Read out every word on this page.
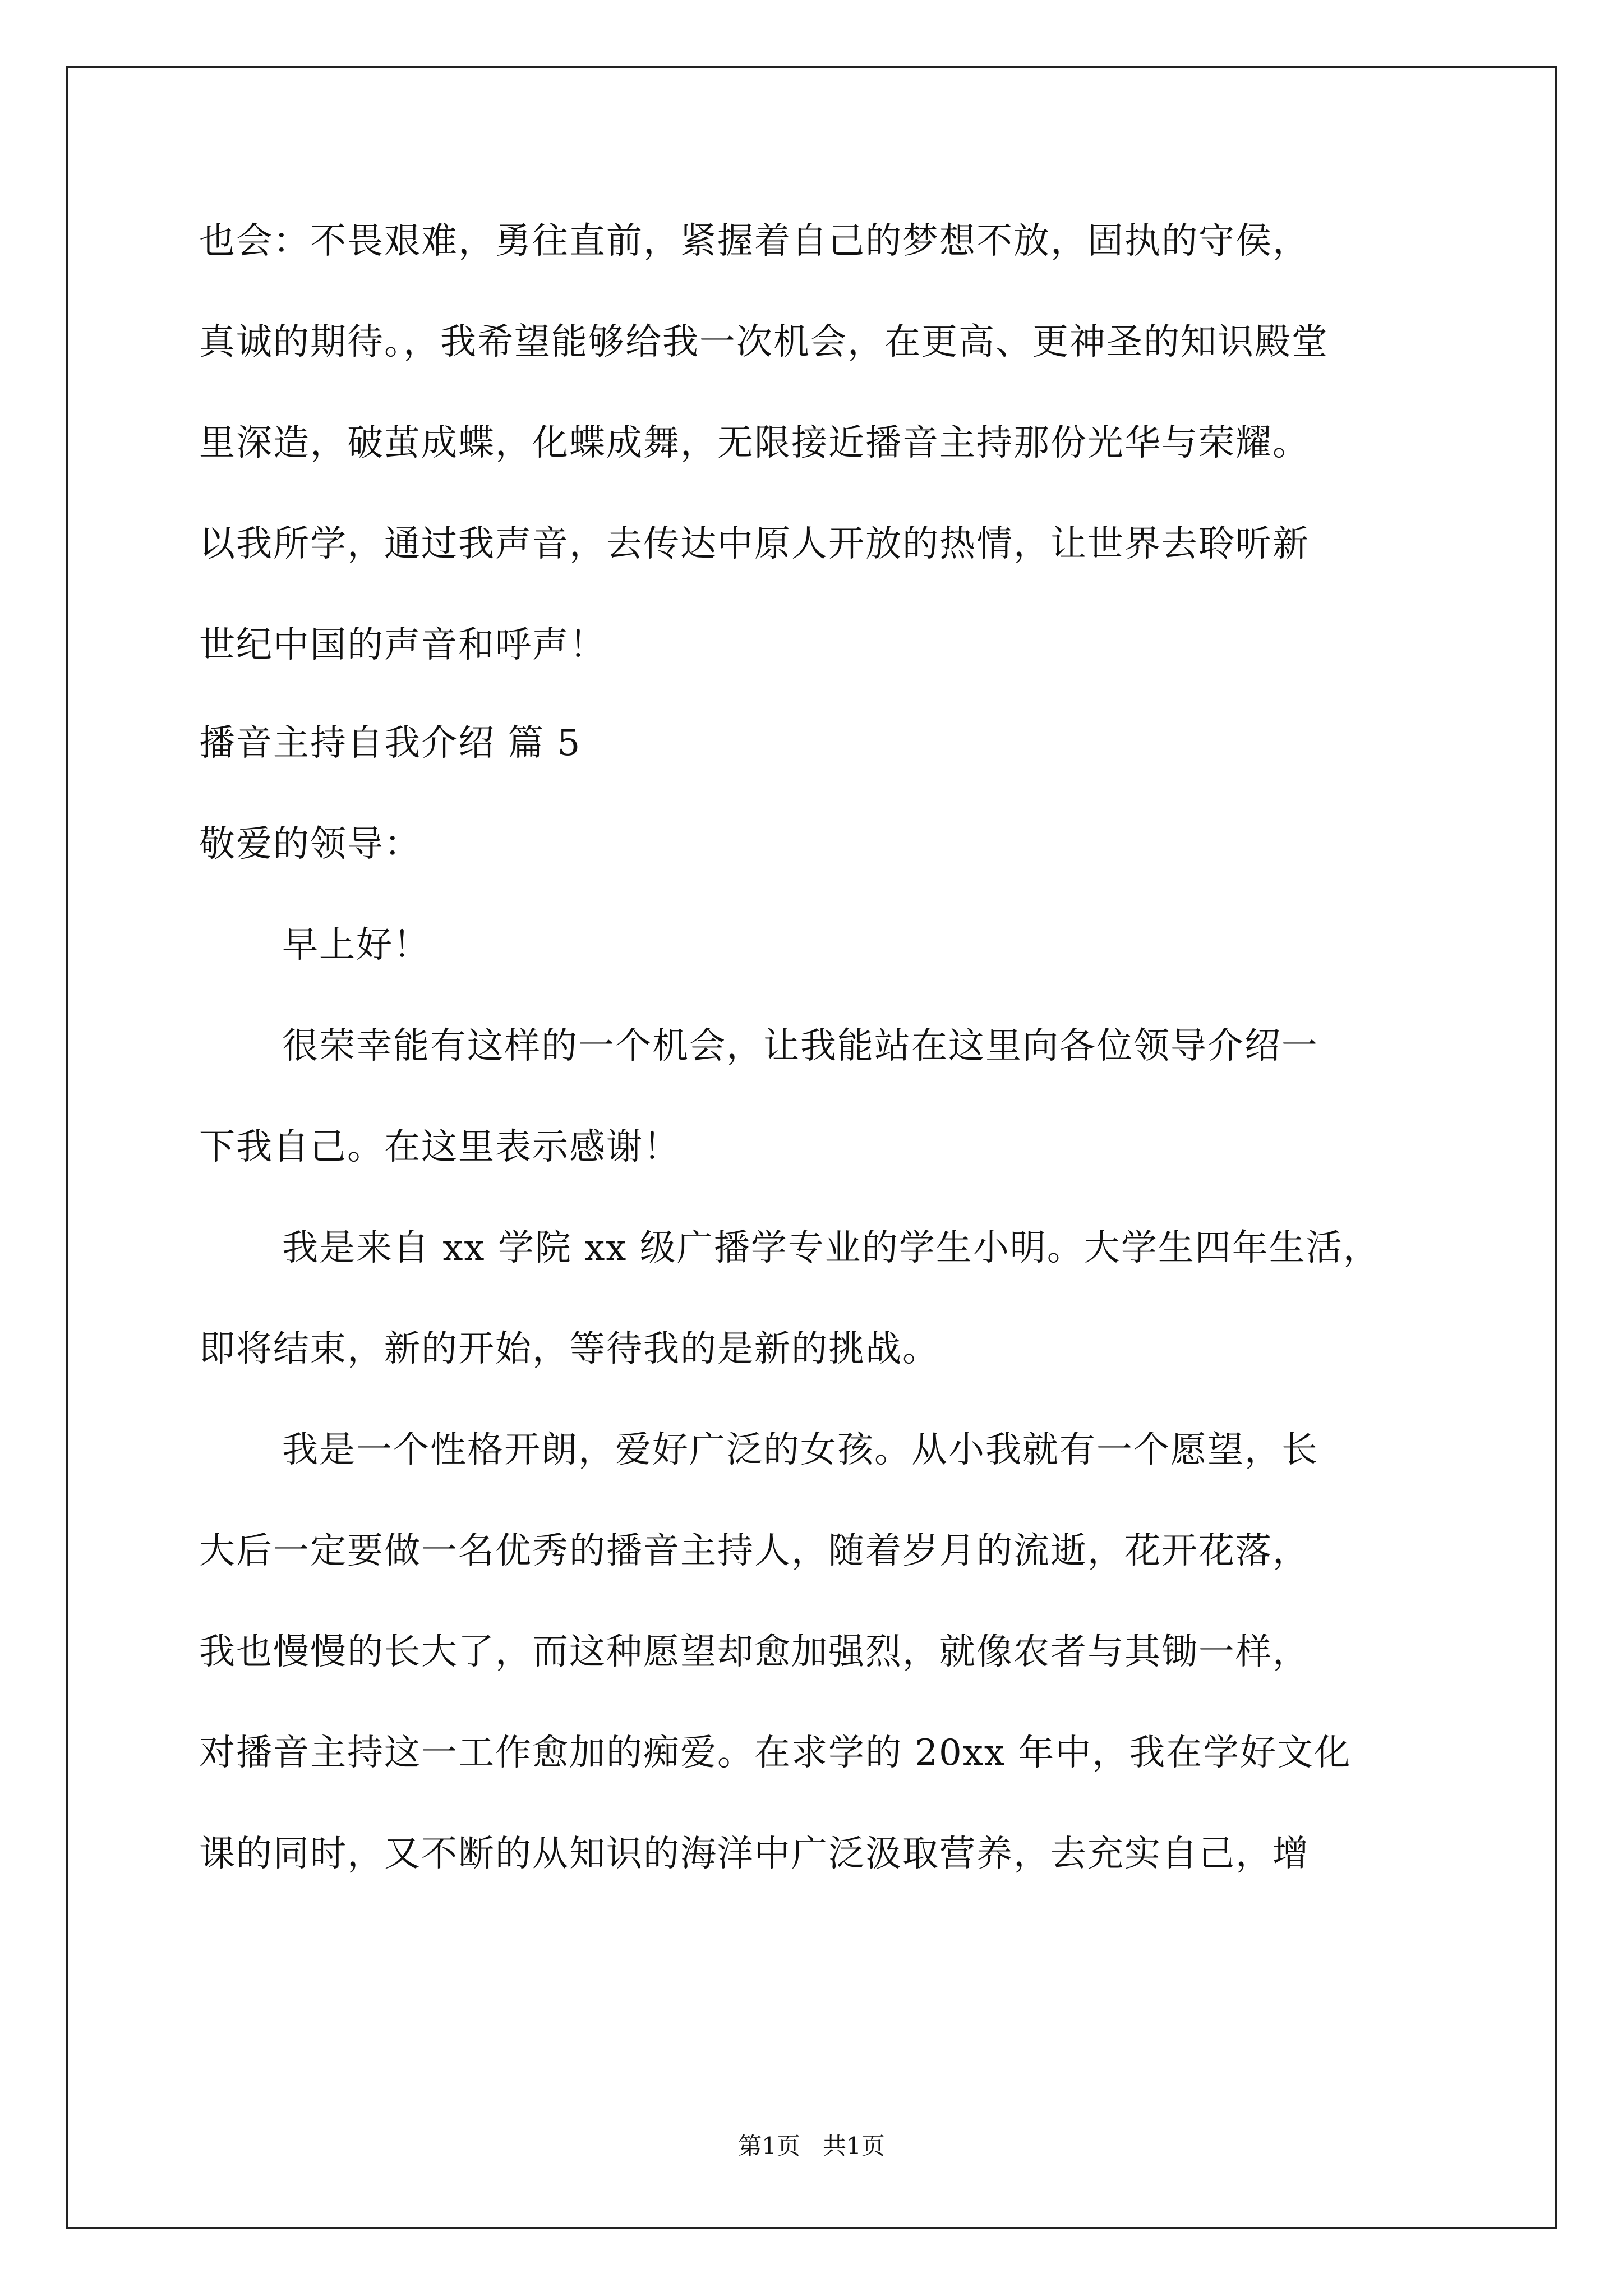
也会：不畏艰难，勇往直前，紧握着自己的梦想不放，固执的守侯，
真诚的期待。，我希望能够给我一次机会，在更高、更神圣的知识殿堂
里深造，破茧成蝶，化蝶成舞，无限接近播音主持那份光华与荣耀。
以我所学，通过我声音，去传达中原人开放的热情，让世界去聆听新
世纪中国的声音和呼声！
播音主持自我介绍 篇 5
敬爱的领导：
早上好！
很荣幸能有这样的一个机会，让我能站在这里向各位领导介绍一
下我自己。在这里表示感谢！
我是来自 xx 学院 xx 级广播学专业的学生小明。大学生四年生活，
即将结束，新的开始，等待我的是新的挑战。
我是一个性格开朗，爱好广泛的女孩。从小我就有一个愿望，长
大后一定要做一名优秀的播音主持人，随着岁月的流逝，花开花落，
我也慢慢的长大了，而这种愿望却愈加强烈，就像农者与其锄一样，
对播音主持这一工作愈加的痴爱。在求学的 20xx 年中，我在学好文化
课的同时，又不断的从知识的海洋中广泛汲取营养，去充实自己，增
第1页   共1页
